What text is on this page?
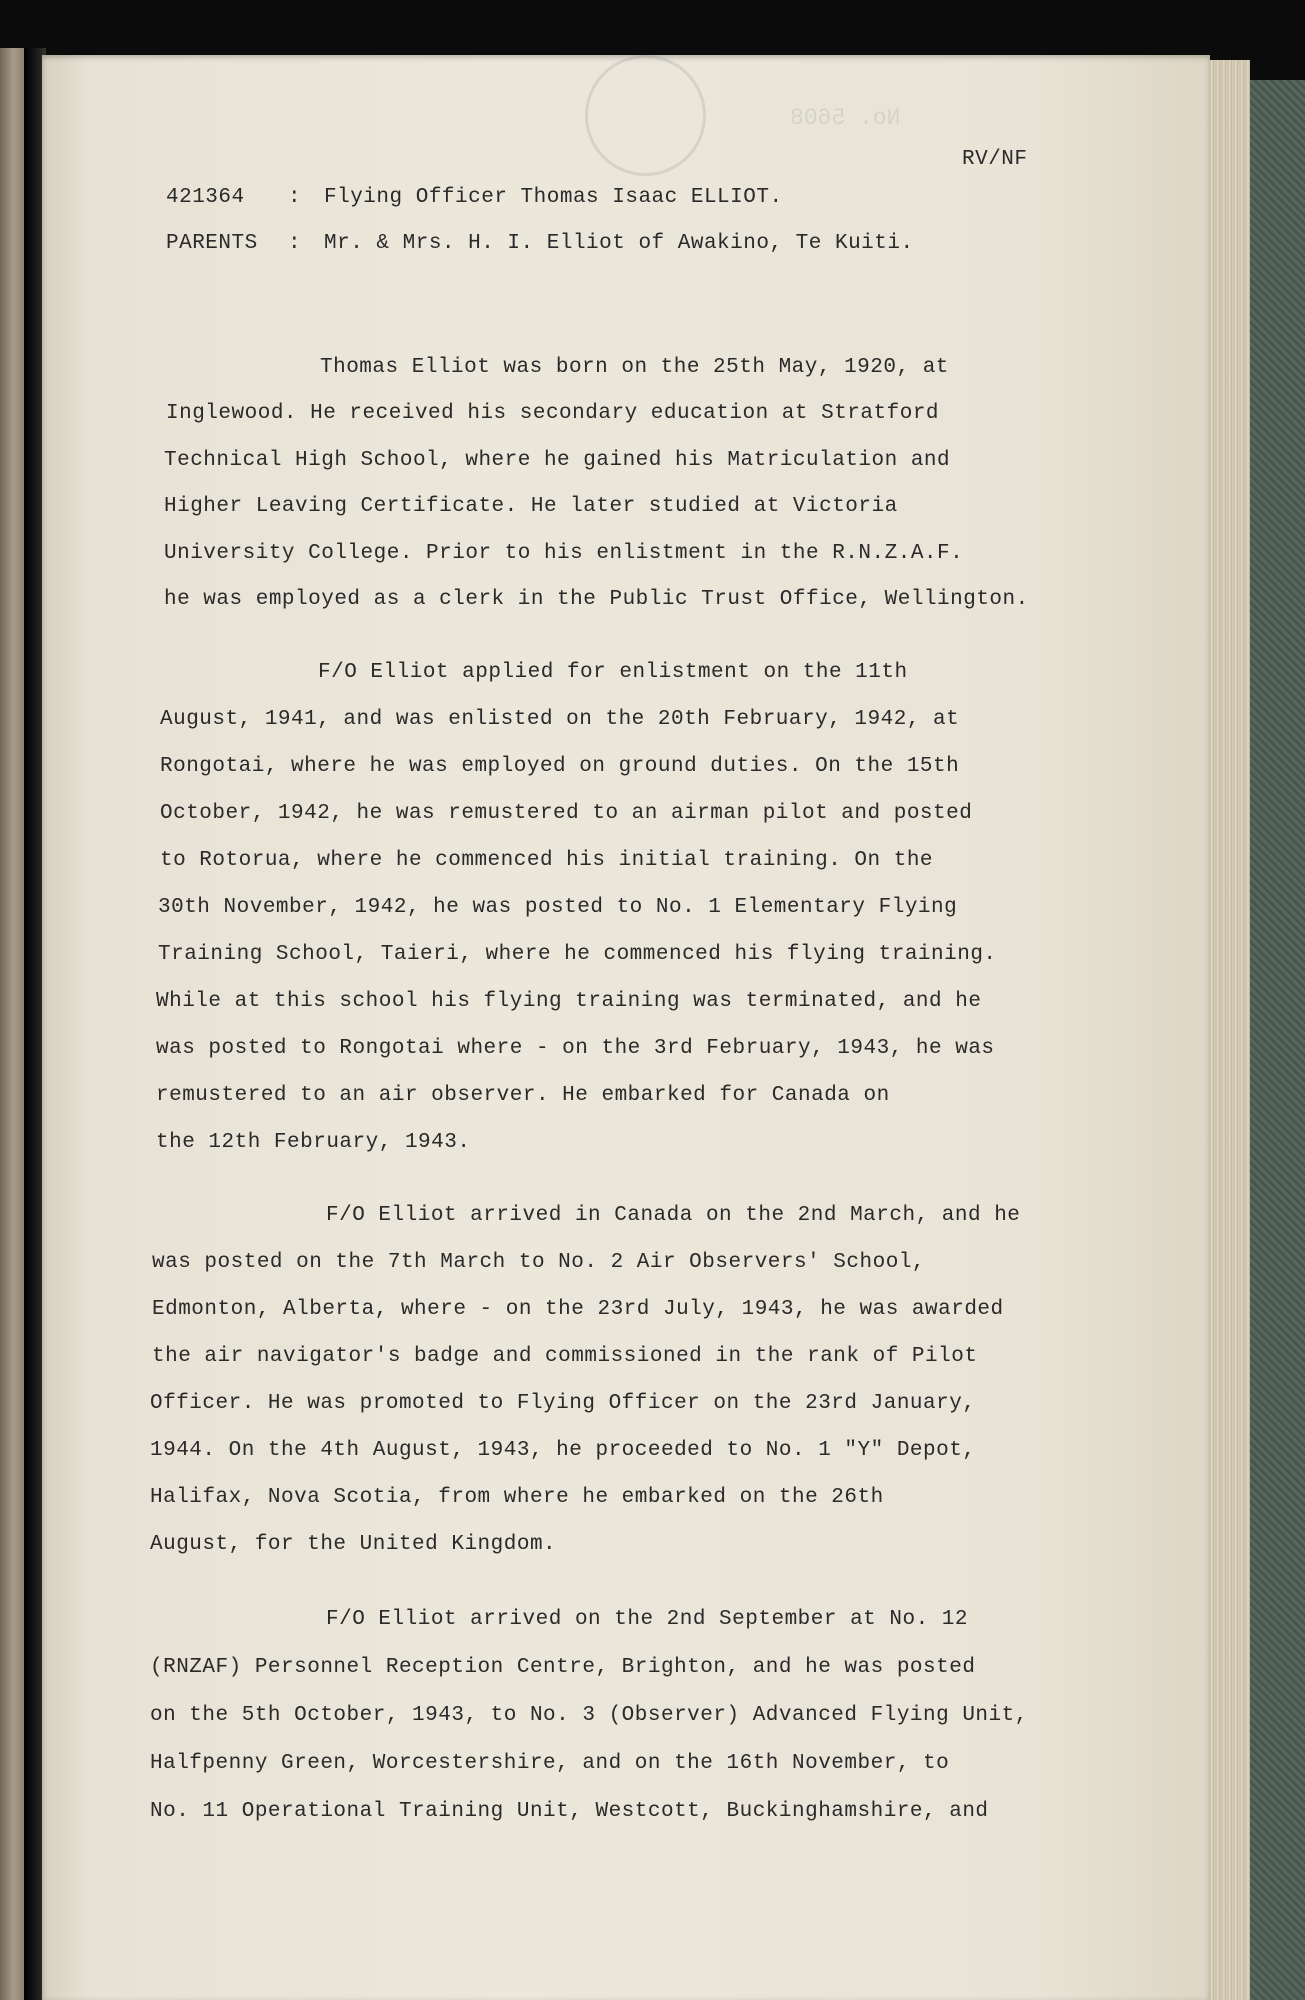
No. 5608
RV/NF
421364 : Flying Officer Thomas Isaac ELLIOT.
PARENTS : Mr. & Mrs. H. I. Elliot of Awakino, Te Kuiti.
Thomas Elliot was born on the 25th May, 1920, at
Inglewood. He received his secondary education at Stratford
Technical High School, where he gained his Matriculation and
Higher Leaving Certificate. He later studied at Victoria
University College. Prior to his enlistment in the R.N.Z.A.F.
he was employed as a clerk in the Public Trust Office, Wellington.
F/O Elliot applied for enlistment on the 11th
August, 1941, and was enlisted on the 20th February, 1942, at
Rongotai, where he was employed on ground duties. On the 15th
October, 1942, he was remustered to an airman pilot and posted
to Rotorua, where he commenced his initial training. On the
30th November, 1942, he was posted to No. 1 Elementary Flying
Training School, Taieri, where he commenced his flying training.
While at this school his flying training was terminated, and he
was posted to Rongotai where - on the 3rd February, 1943, he was
remustered to an air observer. He embarked for Canada on
the 12th February, 1943.
F/O Elliot arrived in Canada on the 2nd March, and he
was posted on the 7th March to No. 2 Air Observers' School,
Edmonton, Alberta, where - on the 23rd July, 1943, he was awarded
the air navigator's badge and commissioned in the rank of Pilot
Officer. He was promoted to Flying Officer on the 23rd January,
1944. On the 4th August, 1943, he proceeded to No. 1 "Y" Depot,
Halifax, Nova Scotia, from where he embarked on the 26th
August, for the United Kingdom.
F/O Elliot arrived on the 2nd September at No. 12
(RNZAF) Personnel Reception Centre, Brighton, and he was posted
on the 5th October, 1943, to No. 3 (Observer) Advanced Flying Unit,
Halfpenny Green, Worcestershire, and on the 16th November, to
No. 11 Operational Training Unit, Westcott, Buckinghamshire, and
